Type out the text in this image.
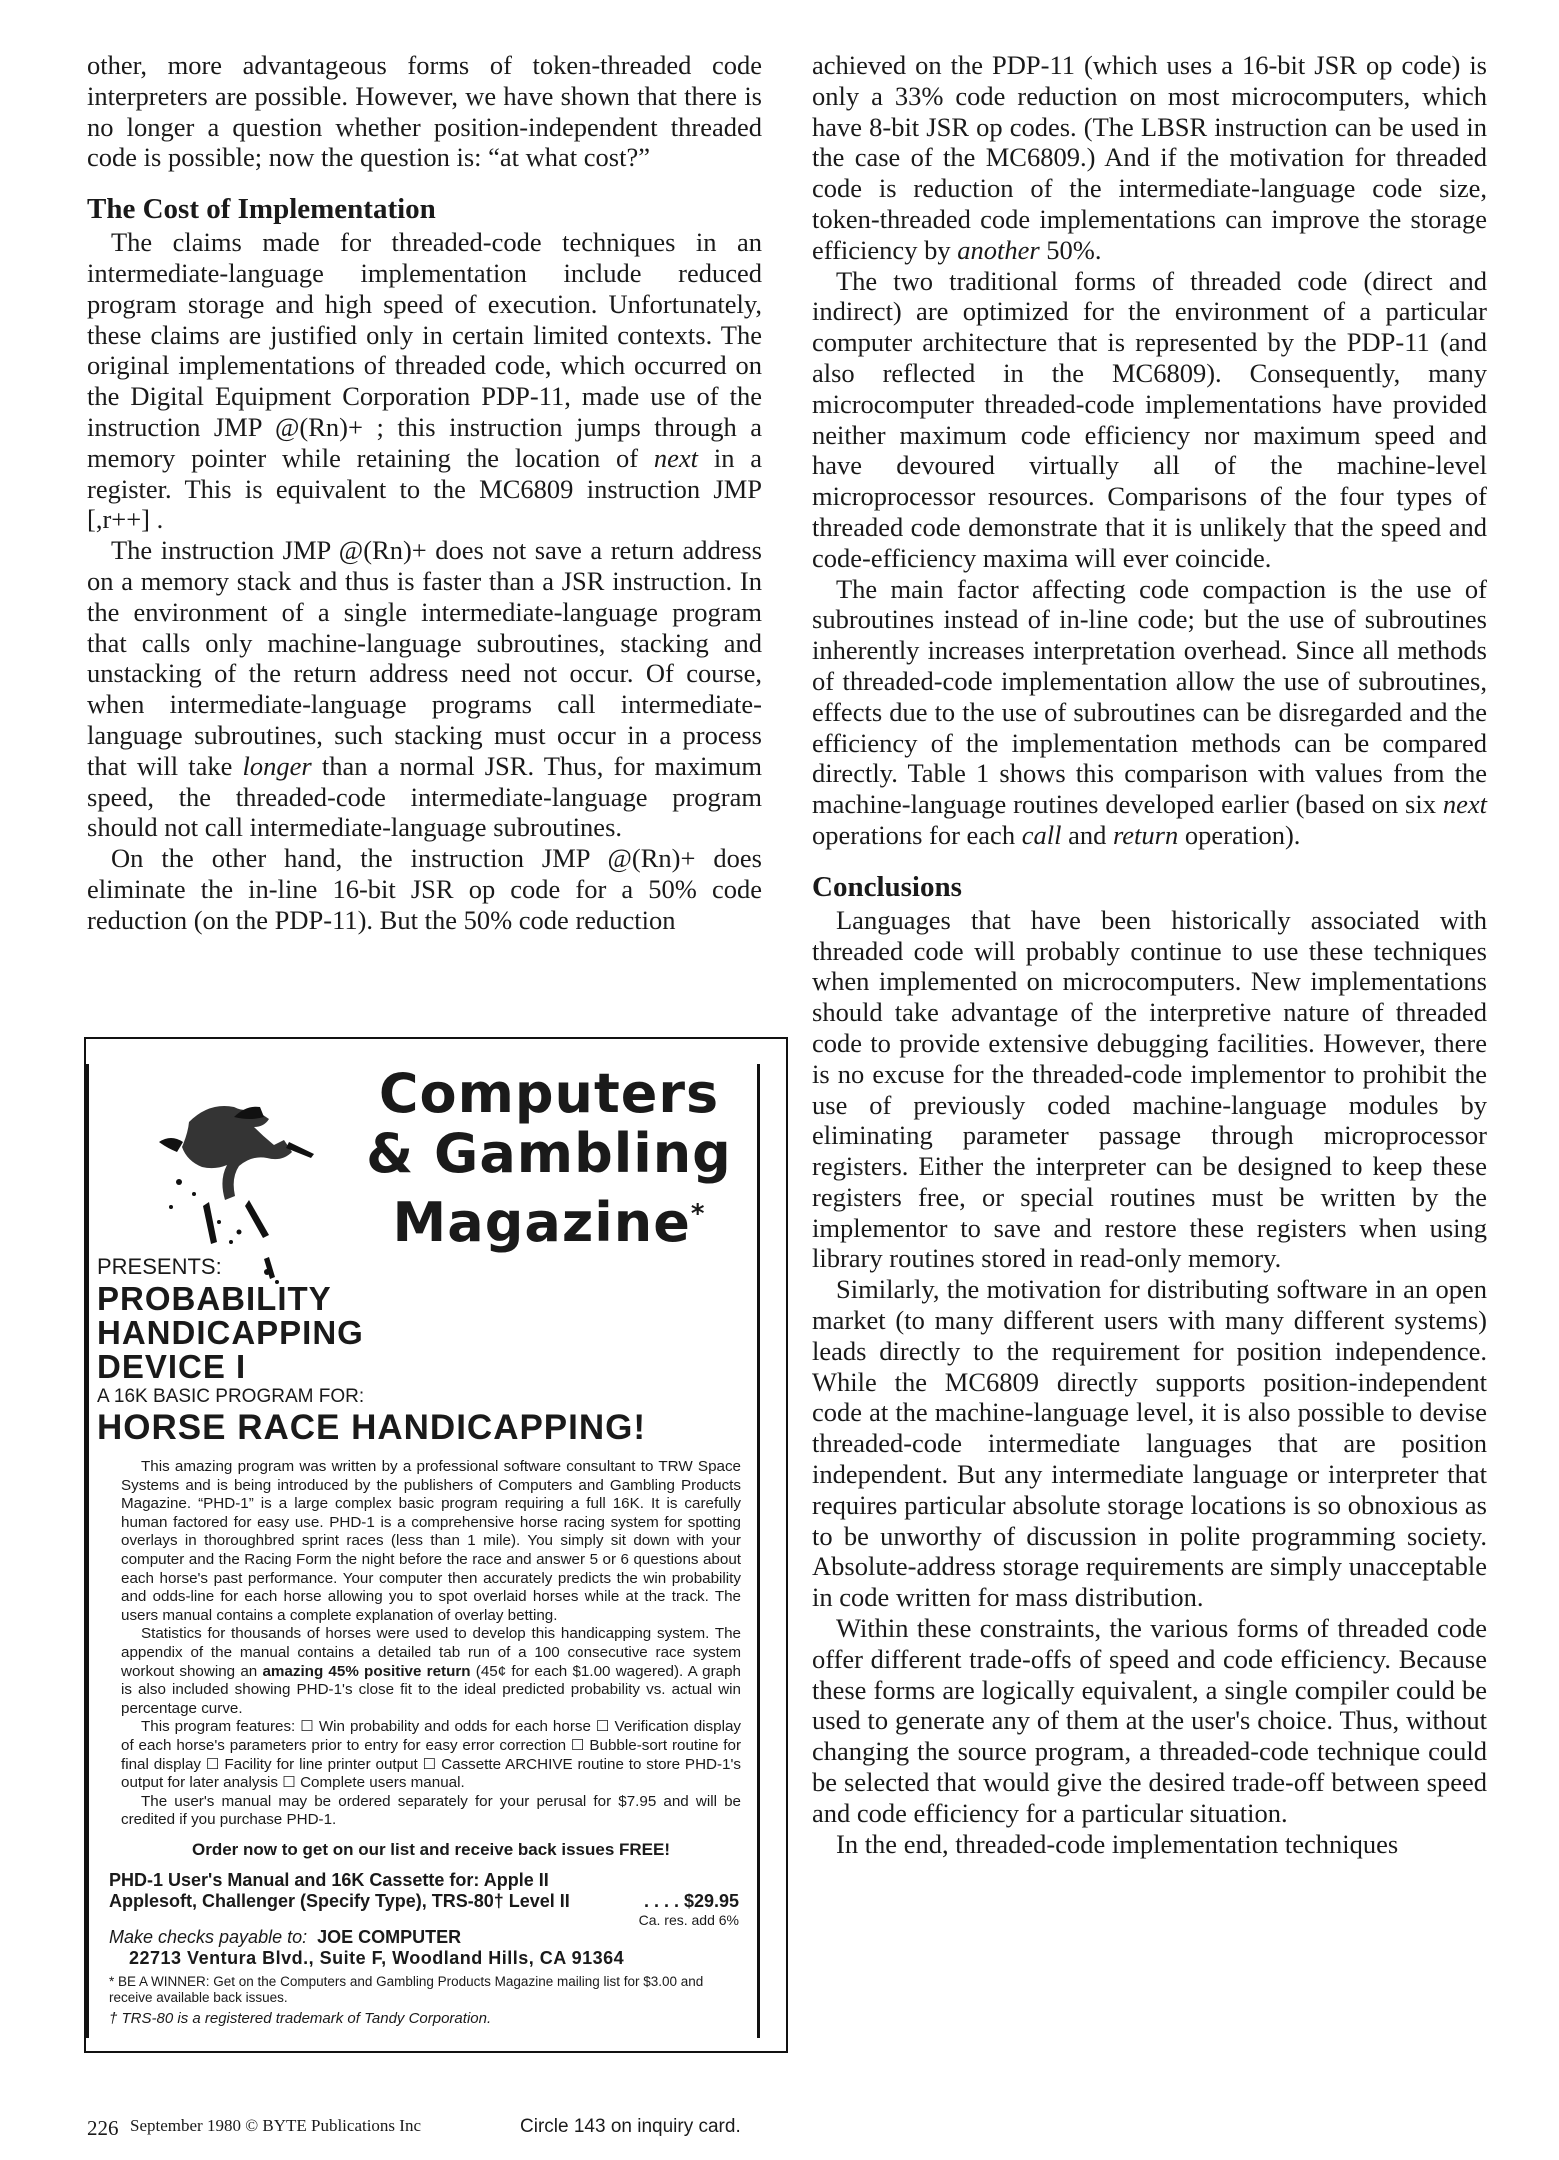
other, more advantageous forms of token-threaded code interpreters are possible. However, we have shown that there is no longer a question whether position-independent threaded code is possible; now the question is: “at what cost?”

The Cost of Implementation

The claims made for threaded-code techniques in an intermediate-language implementation include reduced program storage and high speed of execution. Unfortunately, these claims are justified only in certain limited contexts. The original implementations of threaded code, which occurred on the Digital Equipment Corporation PDP-11, made use of the instruction JMP @(Rn)+ ; this instruction jumps through a memory pointer while retaining the location of next in a register. This is equivalent to the MC6809 instruction JMP [,r++] .

The instruction JMP @(Rn)+ does not save a return address on a memory stack and thus is faster than a JSR instruction. In the environment of a single intermediate-language program that calls only machine-language subroutines, stacking and unstacking of the return address need not occur. Of course, when intermediate-language programs call intermediate-language subroutines, such stacking must occur in a process that will take longer than a normal JSR. Thus, for maximum speed, the threaded-code intermediate-language program should not call intermediate-language subroutines.

On the other hand, the instruction JMP @(Rn)+ does eliminate the in-line 16-bit JSR op code for a 50% code reduction (on the PDP-11). But the 50% code reduction

achieved on the PDP-11 (which uses a 16-bit JSR op code) is only a 33% code reduction on most microcomputers, which have 8-bit JSR op codes. (The LBSR instruction can be used in the case of the MC6809.) And if the motivation for threaded code is reduction of the intermediate-language code size, token-threaded code implementations can improve the storage efficiency by another 50%.

The two traditional forms of threaded code (direct and indirect) are optimized for the environment of a particular computer architecture that is represented by the PDP-11 (and also reflected in the MC6809). Consequently, many microcomputer threaded-code implementations have provided neither maximum code efficiency nor maximum speed and have devoured virtually all of the machine-level microprocessor resources. Comparisons of the four types of threaded code demonstrate that it is unlikely that the speed and code-efficiency maxima will ever coincide.

The main factor affecting code compaction is the use of subroutines instead of in-line code; but the use of subroutines inherently increases interpretation overhead. Since all methods of threaded-code implementation allow the use of subroutines, effects due to the use of subroutines can be disregarded and the efficiency of the implementation methods can be compared directly. Table 1 shows this comparison with values from the machine-language routines developed earlier (based on six next operations for each call and return operation).

Conclusions

Languages that have been historically associated with threaded code will probably continue to use these techniques when implemented on microcomputers. New implementations should take advantage of the interpretive nature of threaded code to provide extensive debugging facilities. However, there is no excuse for the threaded-code implementor to prohibit the use of previously coded machine-language modules by eliminating parameter passage through microprocessor registers. Either the interpreter can be designed to keep these registers free, or special routines must be written by the implementor to save and restore these registers when using library routines stored in read-only memory.

Similarly, the motivation for distributing software in an open market (to many different users with many different systems) leads directly to the requirement for position independence. While the MC6809 directly supports position-independent code at the machine-language level, it is also possible to devise threaded-code intermediate languages that are position independent. But any intermediate language or interpreter that requires particular absolute storage locations is so obnoxious as to be unworthy of discussion in polite programming society. Absolute-address storage requirements are simply unacceptable in code written for mass distribution.

Within these constraints, the various forms of threaded code offer different trade-offs of speed and code efficiency. Because these forms are logically equivalent, a single compiler could be used to generate any of them at the user's choice. Thus, without changing the source program, a threaded-code technique could be selected that would give the desired trade-off between speed and code efficiency for a particular situation.

In the end, threaded-code implementation techniques

Computers
& Gambling
Magazine*
PRESENTS:
PROBABILITY
HANDICAPPING
DEVICE I
A 16K BASIC PROGRAM FOR:
HORSE RACE HANDICAPPING!

This amazing program was written by a professional software consultant to TRW Space Systems and is being introduced by the publishers of Computers and Gambling Products Magazine. “PHD-1” is a large complex basic program requiring a full 16K. It is carefully human factored for easy use. PHD-1 is a comprehensive horse racing system for spotting overlays in thoroughbred sprint races (less than 1 mile). You simply sit down with your computer and the Racing Form the night before the race and answer 5 or 6 questions about each horse's past performance. Your computer then accurately predicts the win probability and odds-line for each horse allowing you to spot overlaid horses while at the track. The users manual contains a complete explanation of overlay betting.

Statistics for thousands of horses were used to develop this handicapping system. The appendix of the manual contains a detailed tab run of a 100 consecutive race system workout showing an amazing 45% positive return (45¢ for each $1.00 wagered). A graph is also included showing PHD-1's close fit to the ideal predicted probability vs. actual win percentage curve.

This program features: ☐ Win probability and odds for each horse ☐ Verification display of each horse's parameters prior to entry for easy error correction ☐ Bubble-sort routine for final display ☐ Facility for line printer output ☐ Cassette ARCHIVE routine to store PHD-1's output for later analysis ☐ Complete users manual.

The user's manual may be ordered separately for your perusal for $7.95 and will be credited if you purchase PHD-1.

Order now to get on our list and receive back issues FREE!
PHD-1 User's Manual and 16K Cassette for: Apple II
Applesoft, Challenger (Specify Type), TRS-80† Level II	. . . . $29.95
Ca. res. add 6%
Make checks payable to: JOE COMPUTER
22713 Ventura Blvd., Suite F, Woodland Hills, CA 91364
* BE A WINNER: Get on the Computers and Gambling Products Magazine mailing list for $3.00 and receive available back issues.
† TRS-80 is a registered trademark of Tandy Corporation.
226 September 1980 © BYTE Publications Inc	Circle 143 on inquiry card.
